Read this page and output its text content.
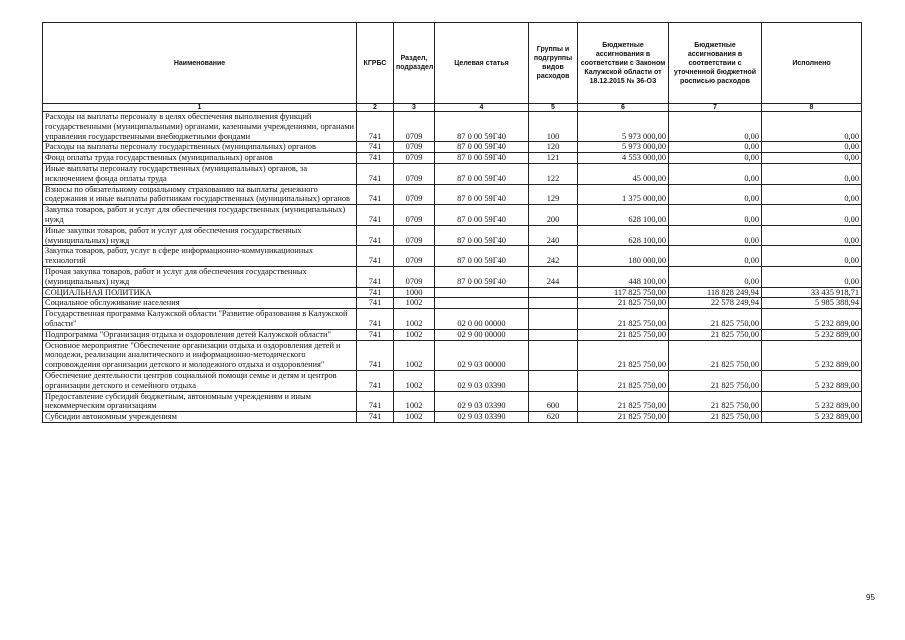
Наименование	КГРБС	Раздел, подраздел	Целевая статья	Группы и подгруппы видов расходов	Бюджетные ассигнования в соответствии с Законом Калужской области от 18.12.2015 № 36-ОЗ	Бюджетные ассигнования в соответствии с уточненной бюджетной росписью расходов	Исполнено
1	2	3	4	5	6	7	8
Расходы на выплаты персоналу в целях обеспечения выполнения функций государственными (муниципальными) органами, казенными учреждениями, органами управления государственными внебюджетными фондами	741	0709	87 0 00 59Г40	100	5 973 000,00	0,00	0,00
Расходы на выплаты персоналу государственных (муниципальных) органов	741	0709	87 0 00 59Г40	120	5 973 000,00	0,00	0,00
Фонд оплаты труда государственных (муниципальных) органов	741	0709	87 0 00 59Г40	121	4 553 000,00	0,00	0,00
Иные выплаты персоналу государственных (муниципальных) органов, за исключением фонда оплаты труда	741	0709	87 0 00 59Г40	122	45 000,00	0,00	0,00
Взносы по обязательному социальному страхованию на выплаты денежного содержания и иные выплаты работникам государственных (муниципальных) органов	741	0709	87 0 00 59Г40	129	1 375 000,00	0,00	0,00
Закупка товаров, работ и услуг для обеспечения государственных (муниципальных) нужд	741	0709	87 0 00 59Г40	200	628 100,00	0,00	0,00
Иные закупки товаров, работ и услуг для обеспечения государственных (муниципальных) нужд	741	0709	87 0 00 59Г40	240	628 100,00	0,00	0,00
Закупка товаров, работ, услуг в сфере информационно-коммуникационных технологий	741	0709	87 0 00 59Г40	242	180 000,00	0,00	0,00
Прочая закупка товаров, работ и услуг для обеспечения государственных (муниципальных) нужд	741	0709	87 0 00 59Г40	244	448 100,00	0,00	0,00
СОЦИАЛЬНАЯ ПОЛИТИКА	741	1000			117 825 750,00	118 828 249,94	33 435 918,71
Социальное обслуживание населения	741	1002			21 825 750,00	22 578 249,94	5 985 388,94
Государственная программа Калужской области "Развитие образования в Калужской области"	741	1002	02 0 00 00000		21 825 750,00	21 825 750,00	5 232 889,00
Подпрограмма "Организация отдыха и оздоровления детей Калужской области"	741	1002	02 9 00 00000		21 825 750,00	21 825 750,00	5 232 889,00
Основное мероприятие "Обеспечение организации отдыха и оздоровления детей и молодежи, реализации аналитического и информационно-методического сопровождения организации детского и молодежного отдыха и оздоровления"	741	1002	02 9 03 00000		21 825 750,00	21 825 750,00	5 232 889,00
Обеспечение деятельности центров социальной помощи семье и детям и центров организации детского и семейного отдыха	741	1002	02 9 03 03390		21 825 750,00	21 825 750,00	5 232 889,00
Предоставление субсидий бюджетным, автономным учреждениям и иным некоммерческим организациям	741	1002	02 9 03 03390	600	21 825 750,00	21 825 750,00	5 232 889,00
Субсидии автономным учреждениям	741	1002	02 9 03 03390	620	21 825 750,00	21 825 750,00	5 232 889,00
95
